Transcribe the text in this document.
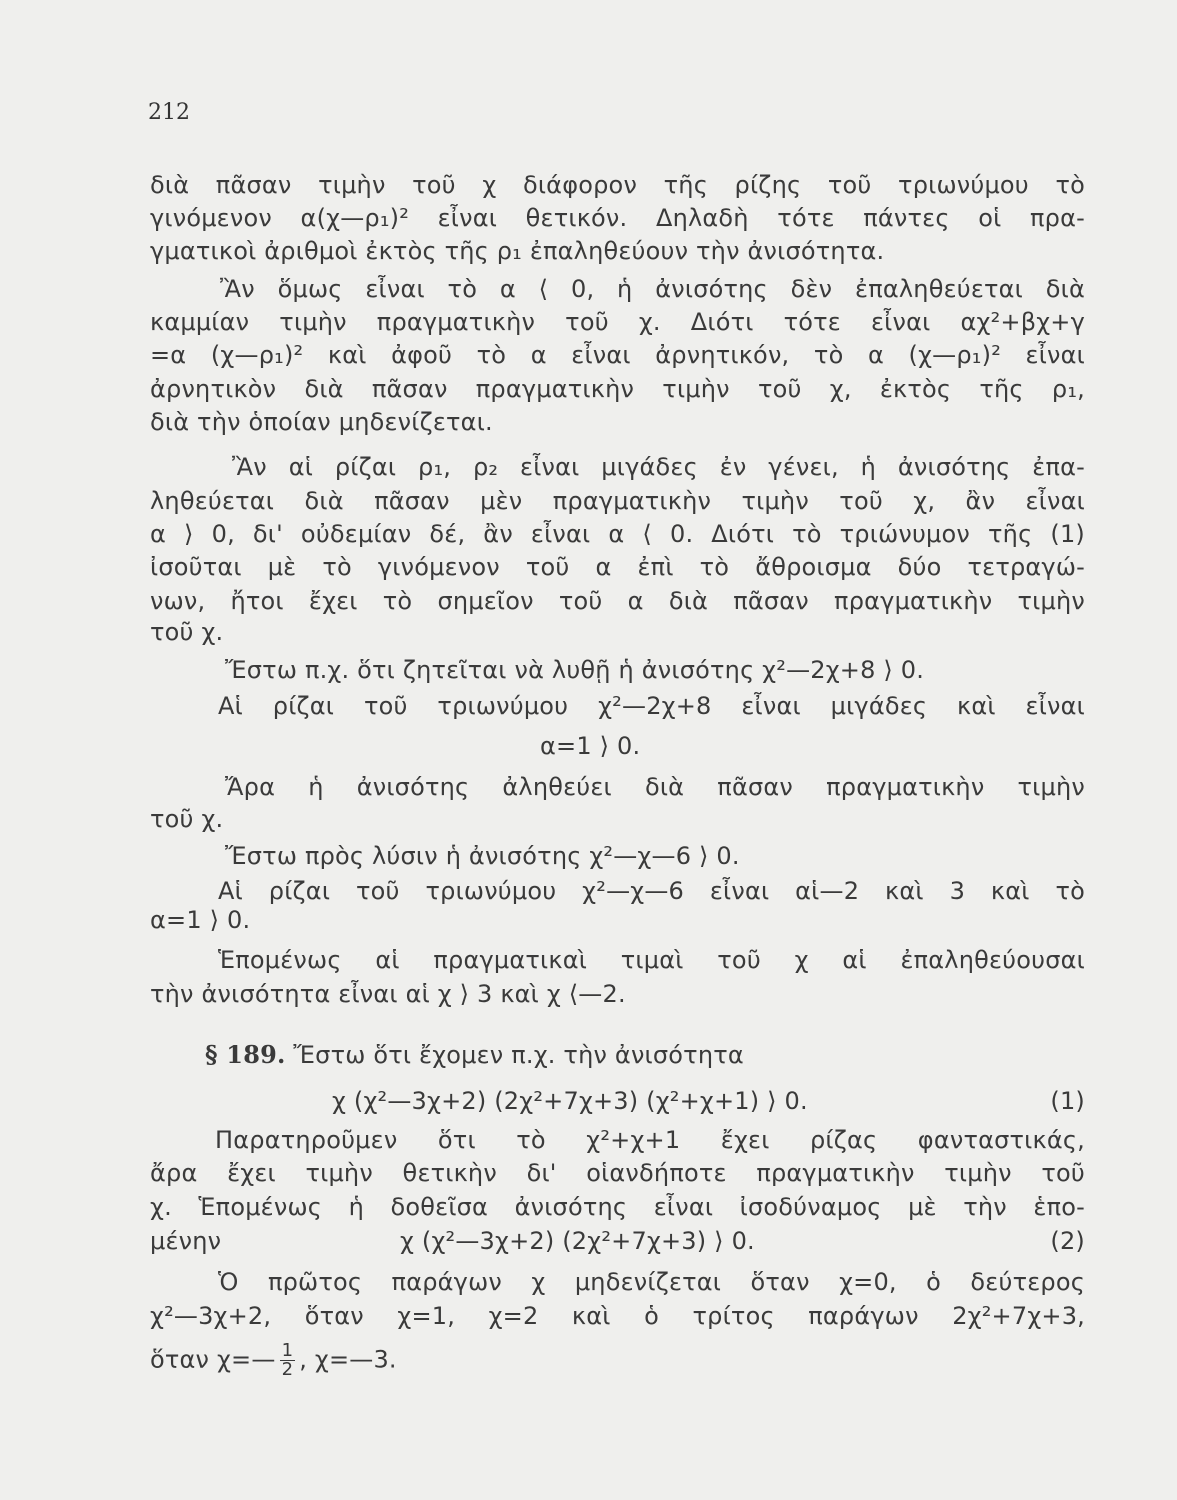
212
διὰ πᾶσαν τιμὴν τοῦ χ διάφορον τῆς ρίζης τοῦ τριωνύμου τὸ
γινόμενον α(χ—ρ₁)² εἶναι θετικόν. Δηλαδὴ τότε πάντες οἱ πρα-
γματικοὶ ἀριθμοὶ ἐκτὸς τῆς ρ₁ ἐπαληθεύουν τὴν ἀνισότητα.
Ἂν ὅμως εἶναι τὸ α ⟨ 0, ἡ ἀνισότης δὲν ἐπαληθεύεται διὰ
καμμίαν τιμὴν πραγματικὴν τοῦ χ. Διότι τότε εἶναι αχ²+βχ+γ
=α (χ—ρ₁)² καὶ ἀφοῦ τὸ α εἶναι ἀρνητικόν, τὸ α (χ—ρ₁)² εἶναι
ἀρνητικὸν διὰ πᾶσαν πραγματικὴν τιμὴν τοῦ χ, ἐκτὸς τῆς ρ₁,
διὰ τὴν ὁποίαν μηδενίζεται.
Ἂν αἱ ρίζαι ρ₁, ρ₂ εἶναι μιγάδες ἐν γένει, ἡ ἀνισότης ἐπα-
ληθεύεται διὰ πᾶσαν μὲν πραγματικὴν τιμὴν τοῦ χ, ἂν εἶναι
α ⟩ 0, δι' οὐδεμίαν δέ, ἂν εἶναι α ⟨ 0. Διότι τὸ τριώνυμον τῆς (1)
ἰσοῦται μὲ τὸ γινόμενον τοῦ α ἐπὶ τὸ ἄθροισμα δύο τετραγώ-
νων, ἤτοι ἔχει τὸ σημεῖον τοῦ α διὰ πᾶσαν πραγματικὴν τιμὴν
τοῦ χ.
Ἔστω π.χ. ὅτι ζητεῖται νὰ λυθῇ ἡ ἀνισότης χ²—2χ+8 ⟩ 0.
Αἱ ρίζαι τοῦ τριωνύμου χ²—2χ+8 εἶναι μιγάδες καὶ εἶναι
α=1 ⟩ 0.
Ἄρα ἡ ἀνισότης ἀληθεύει διὰ πᾶσαν πραγματικὴν τιμὴν
τοῦ χ.
Ἔστω πρὸς λύσιν ἡ ἀνισότης χ²—χ—6 ⟩ 0.
Αἱ ρίζαι τοῦ τριωνύμου χ²—χ—6 εἶναι αἱ—2 καὶ 3 καὶ τὸ
α=1 ⟩ 0.
Ἑπομένως αἱ πραγματικαὶ τιμαὶ τοῦ χ αἱ ἐπαληθεύουσαι
τὴν ἀνισότητα εἶναι αἱ χ ⟩ 3 καὶ χ ⟨—2.
§ 189. Ἔστω ὅτι ἔχομεν π.χ. τὴν ἀνισότητα
χ (χ²—3χ+2) (2χ²+7χ+3) (χ²+χ+1) ⟩ 0.	(1)
Παρατηροῦμεν ὅτι τὸ χ²+χ+1 ἔχει ρίζας φανταστικάς,
ἄρα ἔχει τιμὴν θετικὴν δι' οἱανδήποτε πραγματικὴν τιμὴν τοῦ
χ. Ἑπομένως ἡ δοθεῖσα ἀνισότης εἶναι ἰσοδύναμος μὲ τὴν ἑπο-
μένην	χ (χ²—3χ+2) (2χ²+7χ+3) ⟩ 0.	(2)
Ὁ πρῶτος παράγων χ μηδενίζεται ὅταν χ=0, ὁ δεύτερος
χ²—3χ+2, ὅταν χ=1, χ=2 καὶ ὁ τρίτος παράγων 2χ²+7χ+3,
ὅταν χ=— $\frac{1}{2}$ , χ=—3.
